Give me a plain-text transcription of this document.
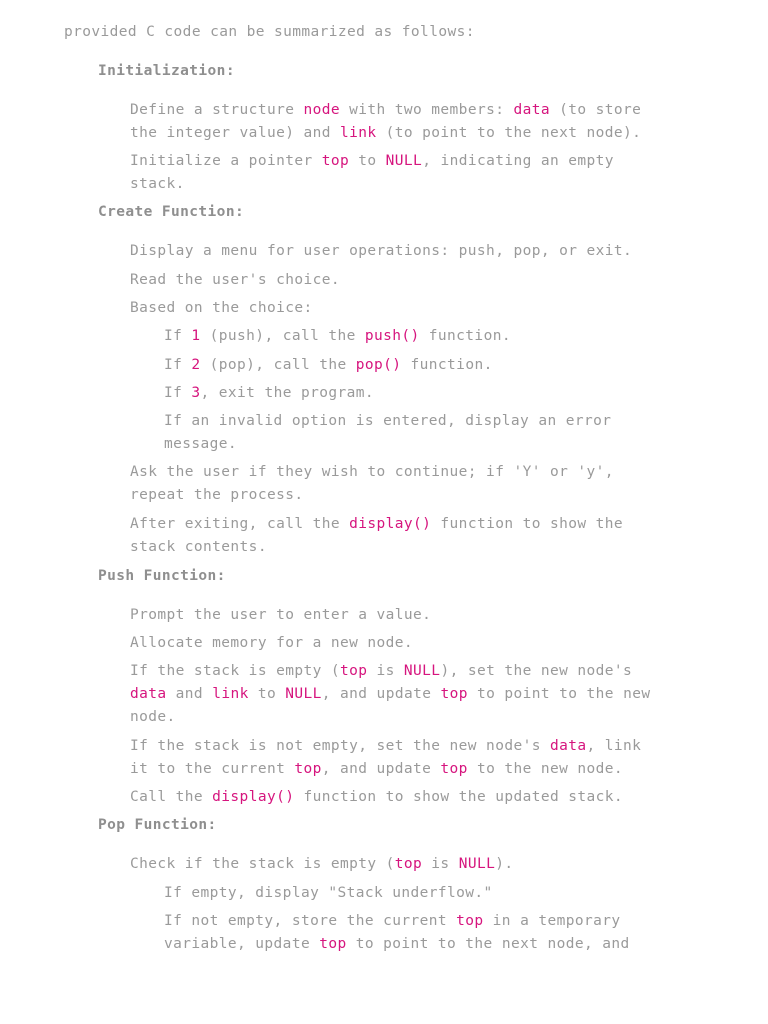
provided C code can be summarized as follows:
Initialization:
Define a structure node with two members: data (to store
the integer value) and link (to point to the next node).
Initialize a pointer top to NULL, indicating an empty
stack.
Create Function:
Display a menu for user operations: push, pop, or exit.
Read the user's choice.
Based on the choice:
If 1 (push), call the push() function.
If 2 (pop), call the pop() function.
If 3, exit the program.
If an invalid option is entered, display an error
message.
Ask the user if they wish to continue; if 'Y' or 'y',
repeat the process.
After exiting, call the display() function to show the
stack contents.
Push Function:
Prompt the user to enter a value.
Allocate memory for a new node.
If the stack is empty (top is NULL), set the new node's
data and link to NULL, and update top to point to the new
node.
If the stack is not empty, set the new node's data, link
it to the current top, and update top to the new node.
Call the display() function to show the updated stack.
Pop Function:
Check if the stack is empty (top is NULL).
If empty, display "Stack underflow."
If not empty, store the current top in a temporary
variable, update top to point to the next node, and
